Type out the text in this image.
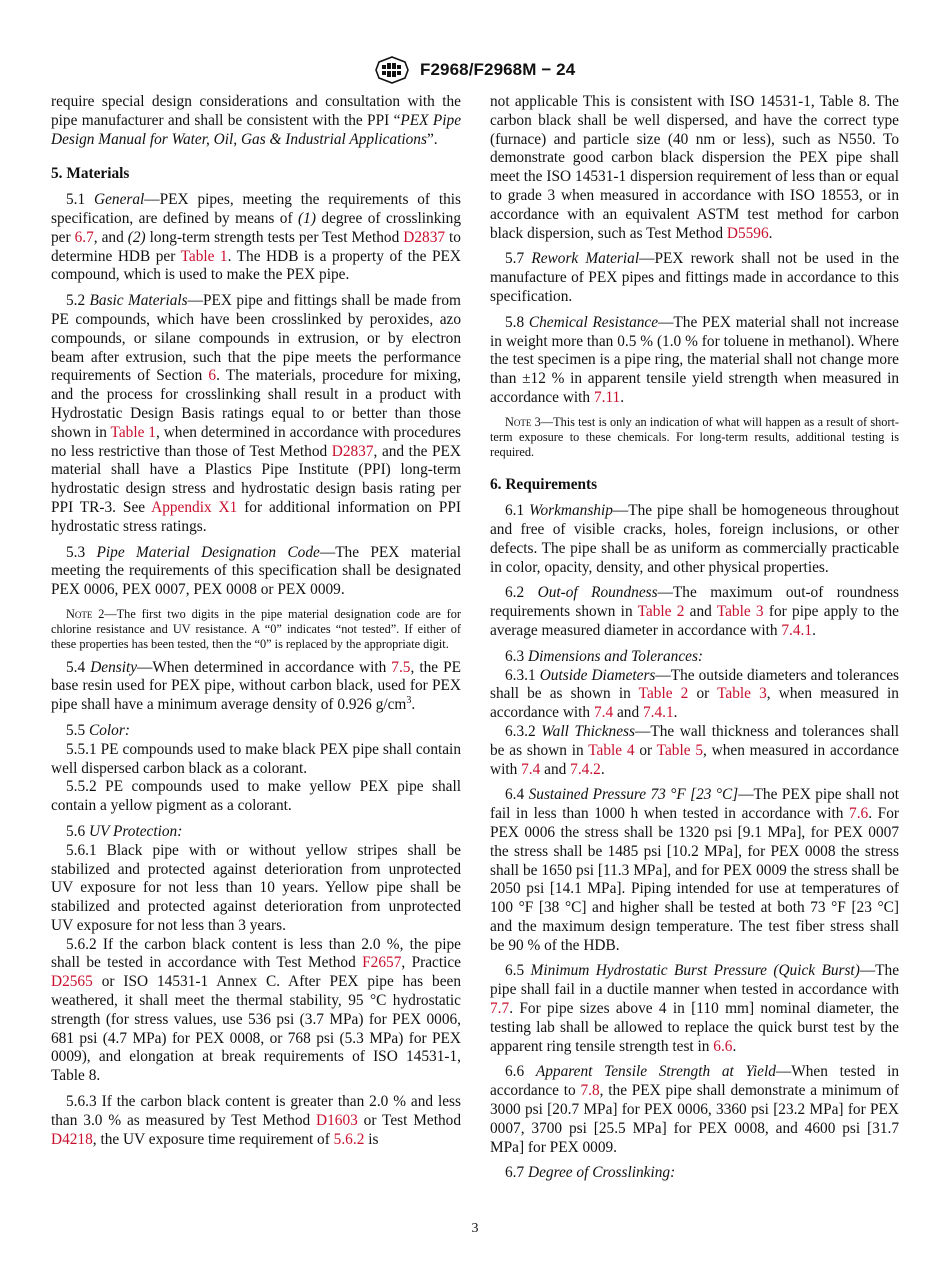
F2968/F2968M − 24

require special design considerations and consultation with the pipe manufacturer and shall be consistent with the PPI “PEX Pipe Design Manual for Water, Oil, Gas & Industrial Applications”.

5. Materials

5.1 General—PEX pipes, meeting the requirements of this specification, are defined by means of (1) degree of crosslinking per 6.7, and (2) long-term strength tests per Test Method D2837 to determine HDB per Table 1. The HDB is a property of the PEX compound, which is used to make the PEX pipe.

5.2 Basic Materials—PEX pipe and fittings shall be made from PE compounds, which have been crosslinked by peroxides, azo compounds, or silane compounds in extrusion, or by electron beam after extrusion, such that the pipe meets the performance requirements of Section 6. The materials, procedure for mixing, and the process for crosslinking shall result in a product with Hydrostatic Design Basis ratings equal to or better than those shown in Table 1, when determined in accordance with procedures no less restrictive than those of Test Method D2837, and the PEX material shall have a Plastics Pipe Institute (PPI) long-term hydrostatic design stress and hydrostatic design basis rating per PPI TR-3. See Appendix X1 for additional information on PPI hydrostatic stress ratings.

5.3 Pipe Material Designation Code—The PEX material meeting the requirements of this specification shall be designated PEX 0006, PEX 0007, PEX 0008 or PEX 0009.

Note 2—The first two digits in the pipe material designation code are for chlorine resistance and UV resistance. A “0” indicates “not tested”. If either of these properties has been tested, then the “0” is replaced by the appropriate digit.

5.4 Density—When determined in accordance with 7.5, the PE base resin used for PEX pipe, without carbon black, used for PEX pipe shall have a minimum average density of 0.926 $g/cm^3$.

5.5 Color:

5.5.1 PE compounds used to make black PEX pipe shall contain well dispersed carbon black as a colorant.

5.5.2 PE compounds used to make yellow PEX pipe shall contain a yellow pigment as a colorant.

5.6 UV Protection:

5.6.1 Black pipe with or without yellow stripes shall be stabilized and protected against deterioration from unprotected UV exposure for not less than 10 years. Yellow pipe shall be stabilized and protected against deterioration from unprotected UV exposure for not less than 3 years.

5.6.2 If the carbon black content is less than 2.0 %, the pipe shall be tested in accordance with Test Method F2657, Practice D2565 or ISO 14531-1 Annex C. After PEX pipe has been weathered, it shall meet the thermal stability, 95 °C hydrostatic strength (for stress values, use 536 psi (3.7 MPa) for PEX 0006, 681 psi (4.7 MPa) for PEX 0008, or 768 psi (5.3 MPa) for PEX 0009), and elongation at break requirements of ISO 14531-1, Table 8.

5.6.3 If the carbon black content is greater than 2.0 % and less than 3.0 % as measured by Test Method D1603 or Test Method D4218, the UV exposure time requirement of 5.6.2 is

not applicable This is consistent with ISO 14531-1, Table 8. The carbon black shall be well dispersed, and have the correct type (furnace) and particle size (40 nm or less), such as N550. To demonstrate good carbon black dispersion the PEX pipe shall meet the ISO 14531-1 dispersion requirement of less than or equal to grade 3 when measured in accordance with ISO 18553, or in accordance with an equivalent ASTM test method for carbon black dispersion, such as Test Method D5596.

5.7 Rework Material—PEX rework shall not be used in the manufacture of PEX pipes and fittings made in accordance to this specification.

5.8 Chemical Resistance—The PEX material shall not increase in weight more than 0.5 % (1.0 % for toluene in methanol). Where the test specimen is a pipe ring, the material shall not change more than ±12 % in apparent tensile yield strength when measured in accordance with 7.11.

Note 3—This test is only an indication of what will happen as a result of short-term exposure to these chemicals. For long-term results, additional testing is required.

6. Requirements

6.1 Workmanship—The pipe shall be homogeneous throughout and free of visible cracks, holes, foreign inclusions, or other defects. The pipe shall be as uniform as commercially practicable in color, opacity, density, and other physical properties.

6.2 Out-of Roundness—The maximum out-of roundness requirements shown in Table 2 and Table 3 for pipe apply to the average measured diameter in accordance with 7.4.1.

6.3 Dimensions and Tolerances:

6.3.1 Outside Diameters—The outside diameters and tolerances shall be as shown in Table 2 or Table 3, when measured in accordance with 7.4 and 7.4.1.

6.3.2 Wall Thickness—The wall thickness and tolerances shall be as shown in Table 4 or Table 5, when measured in accordance with 7.4 and 7.4.2.

6.4 Sustained Pressure 73 °F [23 °C]—The PEX pipe shall not fail in less than 1000 h when tested in accordance with 7.6. For PEX 0006 the stress shall be 1320 psi [9.1 MPa], for PEX 0007 the stress shall be 1485 psi [10.2 MPa], for PEX 0008 the stress shall be 1650 psi [11.3 MPa], and for PEX 0009 the stress shall be 2050 psi [14.1 MPa]. Piping intended for use at temperatures of 100 °F [38 °C] and higher shall be tested at both 73 °F [23 °C] and the maximum design temperature. The test fiber stress shall be 90 % of the HDB.

6.5 Minimum Hydrostatic Burst Pressure (Quick Burst)—The pipe shall fail in a ductile manner when tested in accordance with 7.7. For pipe sizes above 4 in [110 mm] nominal diameter, the testing lab shall be allowed to replace the quick burst test by the apparent ring tensile strength test in 6.6.

6.6 Apparent Tensile Strength at Yield—When tested in accordance to 7.8, the PEX pipe shall demonstrate a minimum of 3000 psi [20.7 MPa] for PEX 0006, 3360 psi [23.2 MPa] for PEX 0007, 3700 psi [25.5 MPa] for PEX 0008, and 4600 psi [31.7 MPa] for PEX 0009.

6.7 Degree of Crosslinking:

3
